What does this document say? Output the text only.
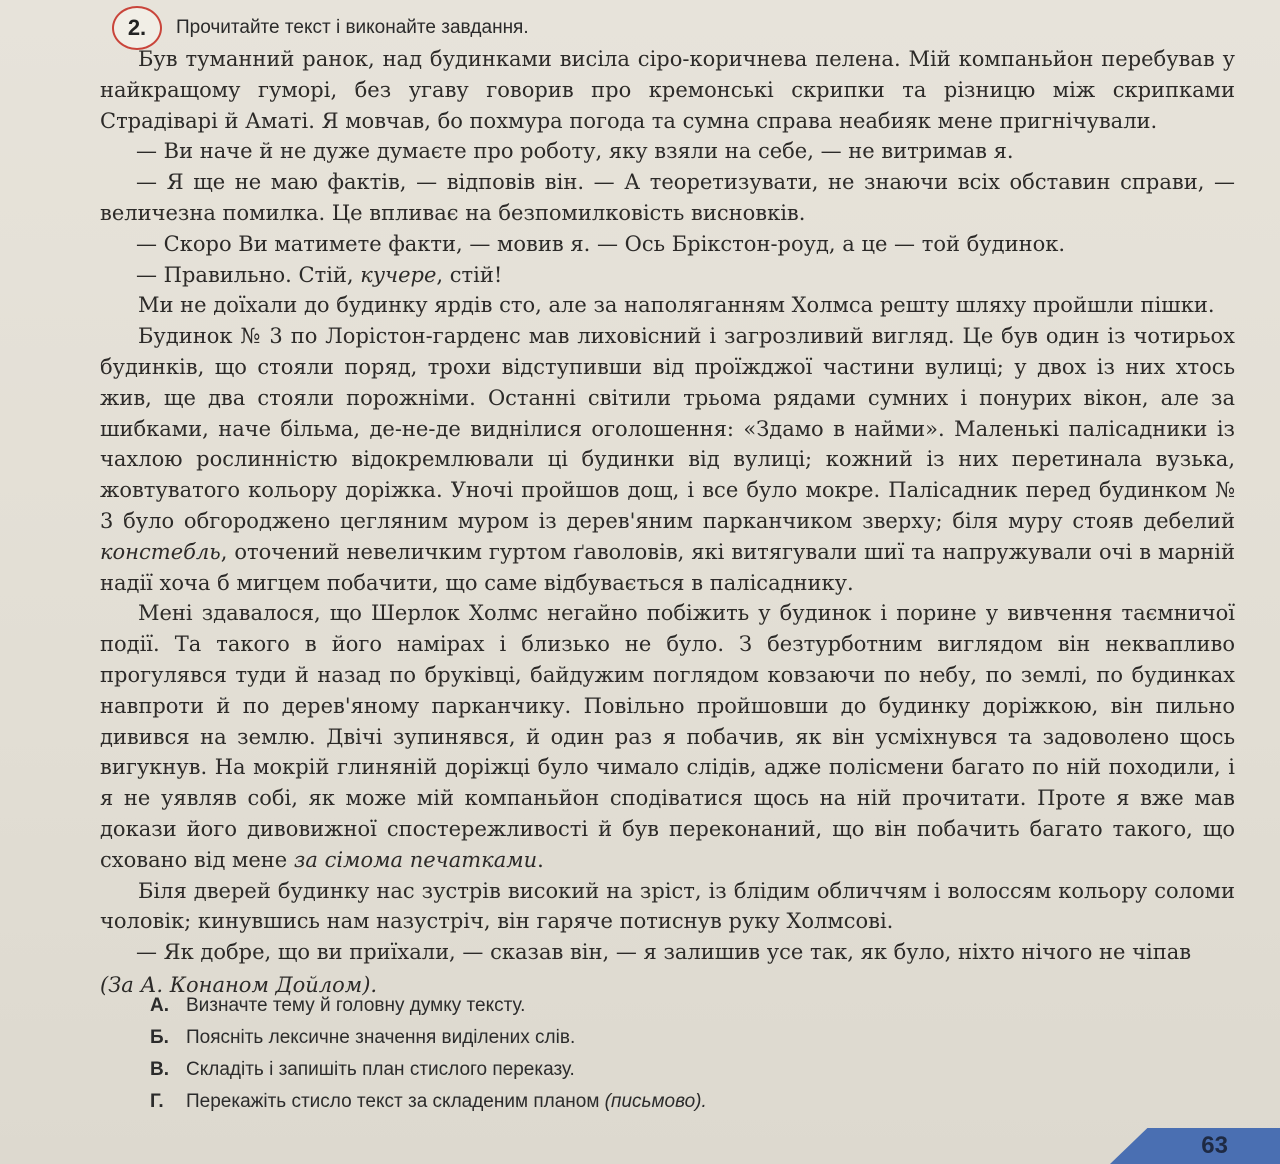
2.	Прочитайте текст і виконайте завдання.

Був туманний ранок, над будинками висіла сіро-коричнева пелена. Мій компаньйон перебував у найкращому гуморі, без угаву говорив про кремонські скрипки та різницю між скрипками Страдіварі й Аматі. Я мовчав, бо похмура погода та сумна справа неабияк мене пригнічували.

— Ви наче й не дуже думаєте про роботу, яку взяли на себе, — не витримав я.

— Я ще не маю фактів, — відповів він. — А теоретизувати, не знаючи всіх обставин справи, — величезна помилка. Це впливає на безпомилковість висновків.

— Скоро Ви матимете факти, — мовив я. — Ось Брікстон-роуд, а це — той будинок.

— Правильно. Стій, кучере, стій!

Ми не доїхали до будинку ярдів сто, але за наполяганням Холмса решту шляху пройшли пішки.

Будинок № 3 по Лорістон-гарденс мав лиховісний і загрозливий вигляд. Це був один із чотирьох будинків, що стояли поряд, трохи відступивши від проїжджої частини вулиці; у двох із них хтось жив, ще два стояли порожніми. Останні світили трьома рядами сумних і понурих вікон, але за шибками, наче більма, де-не-де виднілися оголошення: «Здамо в найми». Маленькі палісадники із чахлою рослинністю відокремлювали ці будинки від вулиці; кожний із них перетинала вузька, жовтуватого кольору доріжка. Уночі пройшов дощ, і все було мокре. Палісадник перед будинком № 3 було обгороджено цегляним муром із дерев'яним парканчиком зверху; біля муру стояв дебелий констебль, оточений невеличким гуртом ґаволовів, які витягували шиї та напружували очі в марній надії хоча б мигцем побачити, що саме відбувається в палісаднику.

Мені здавалося, що Шерлок Холмс негайно побіжить у будинок і порине у вивчення таємничої події. Та такого в його намірах і близько не було. З безтурботним виглядом він неквапливо прогулявся туди й назад по бруківці, байдужим поглядом ковзаючи по небу, по землі, по будинках навпроти й по дерев'яному парканчику. Повільно пройшовши до будинку доріжкою, він пильно дивився на землю. Двічі зупинявся, й один раз я побачив, як він усміхнувся та задоволено щось вигукнув. На мокрій глиняній доріжці було чимало слідів, адже полісмени багато по ній походили, і я не уявляв собі, як може мій компаньйон сподіватися щось на ній прочитати. Проте я вже мав докази його дивовижної спостережливості й був переконаний, що він побачить багато такого, що сховано від мене за сімома печатками.

Біля дверей будинку нас зустрів високий на зріст, із блідим обличчям і волоссям кольору соломи чоловік; кинувшись нам назустріч, він гаряче потиснув руку Холмсові.

— Як добре, що ви приїхали, — сказав він, — я залишив усе так, як було, ніхто нічого не чіпав

(За А. Конаном Дойлом).

А. Визначте тему й головну думку тексту.
Б. Поясніть лексичне значення виділених слів.
В. Складіть і запишіть план стислого переказу.
Г.	Перекажіть стисло текст за складеним планом (письмово).
63
